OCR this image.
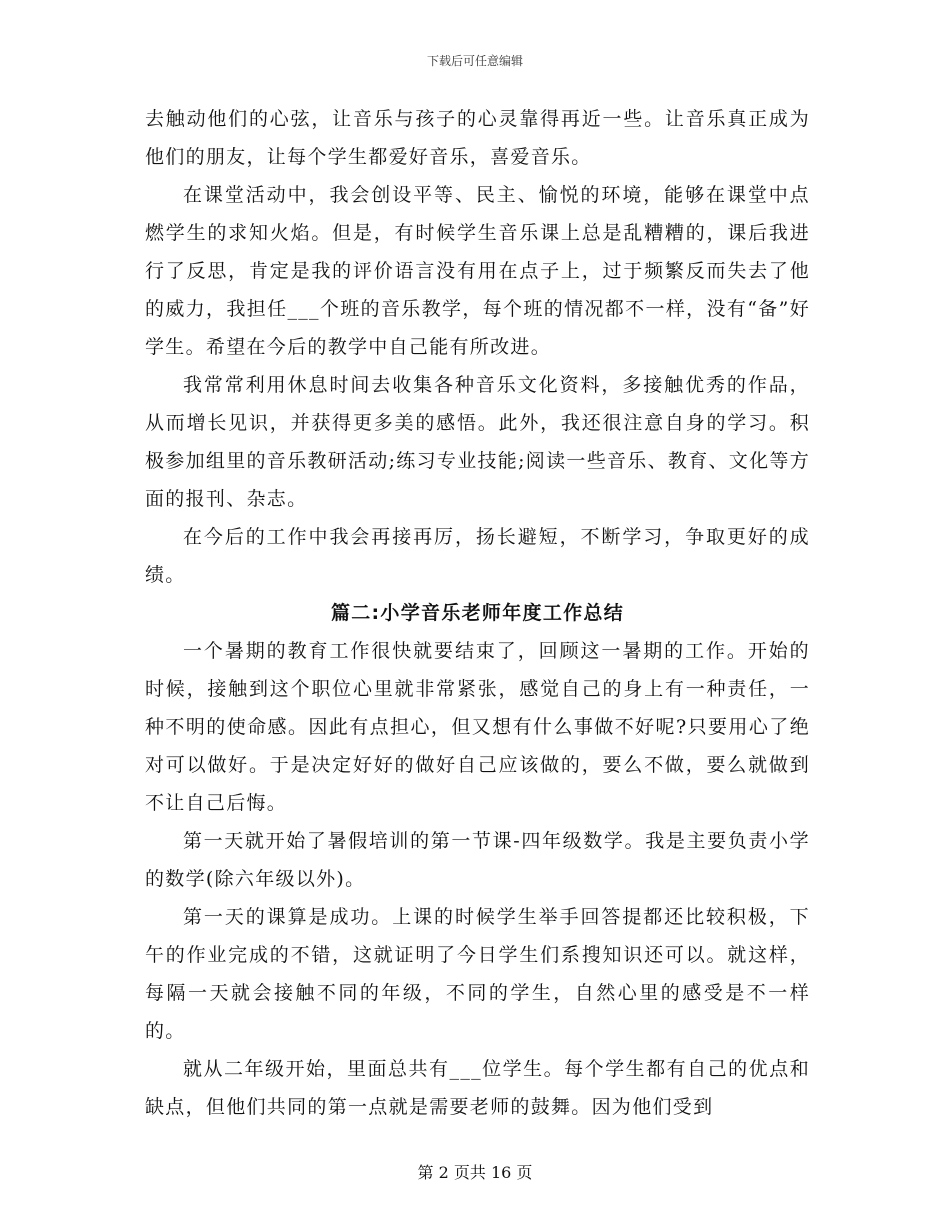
下载后可任意编辑

去触动他们的心弦，让音乐与孩子的心灵靠得再近一些。让音乐真正成为他们的朋友，让每个学生都爱好音乐，喜爱音乐。

在课堂活动中，我会创设平等、民主、愉悦的环境，能够在课堂中点燃学生的求知火焰。但是，有时候学生音乐课上总是乱糟糟的，课后我进行了反思，肯定是我的评价语言没有用在点子上，过于频繁反而失去了他的威力，我担任___个班的音乐教学，每个班的情况都不一样，没有“备”好学生。希望在今后的教学中自己能有所改进。

我常常利用休息时间去收集各种音乐文化资料，多接触优秀的作品，从而增长见识，并获得更多美的感悟。此外，我还很注意自身的学习。积极参加组里的音乐教研活动;练习专业技能;阅读一些音乐、教育、文化等方面的报刊、杂志。

在今后的工作中我会再接再厉，扬长避短，不断学习，争取更好的成绩。

篇二:小学音乐老师年度工作总结

一个暑期的教育工作很快就要结束了，回顾这一暑期的工作。开始的时候，接触到这个职位心里就非常紧张，感觉自己的身上有一种责任，一种不明的使命感。因此有点担心，但又想有什么事做不好呢?只要用心了绝对可以做好。于是决定好好的做好自己应该做的，要么不做，要么就做到不让自己后悔。

第一天就开始了暑假培训的第一节课-四年级数学。我是主要负责小学的数学(除六年级以外)。

第一天的课算是成功。上课的时候学生举手回答提都还比较积极，下午的作业完成的不错，这就证明了今日学生们系搜知识还可以。就这样，每隔一天就会接触不同的年级，不同的学生，自然心里的感受是不一样的。

就从二年级开始，里面总共有___位学生。每个学生都有自己的优点和缺点，但他们共同的第一点就是需要老师的鼓舞。因为他们受到

第 2 页共 16 页
